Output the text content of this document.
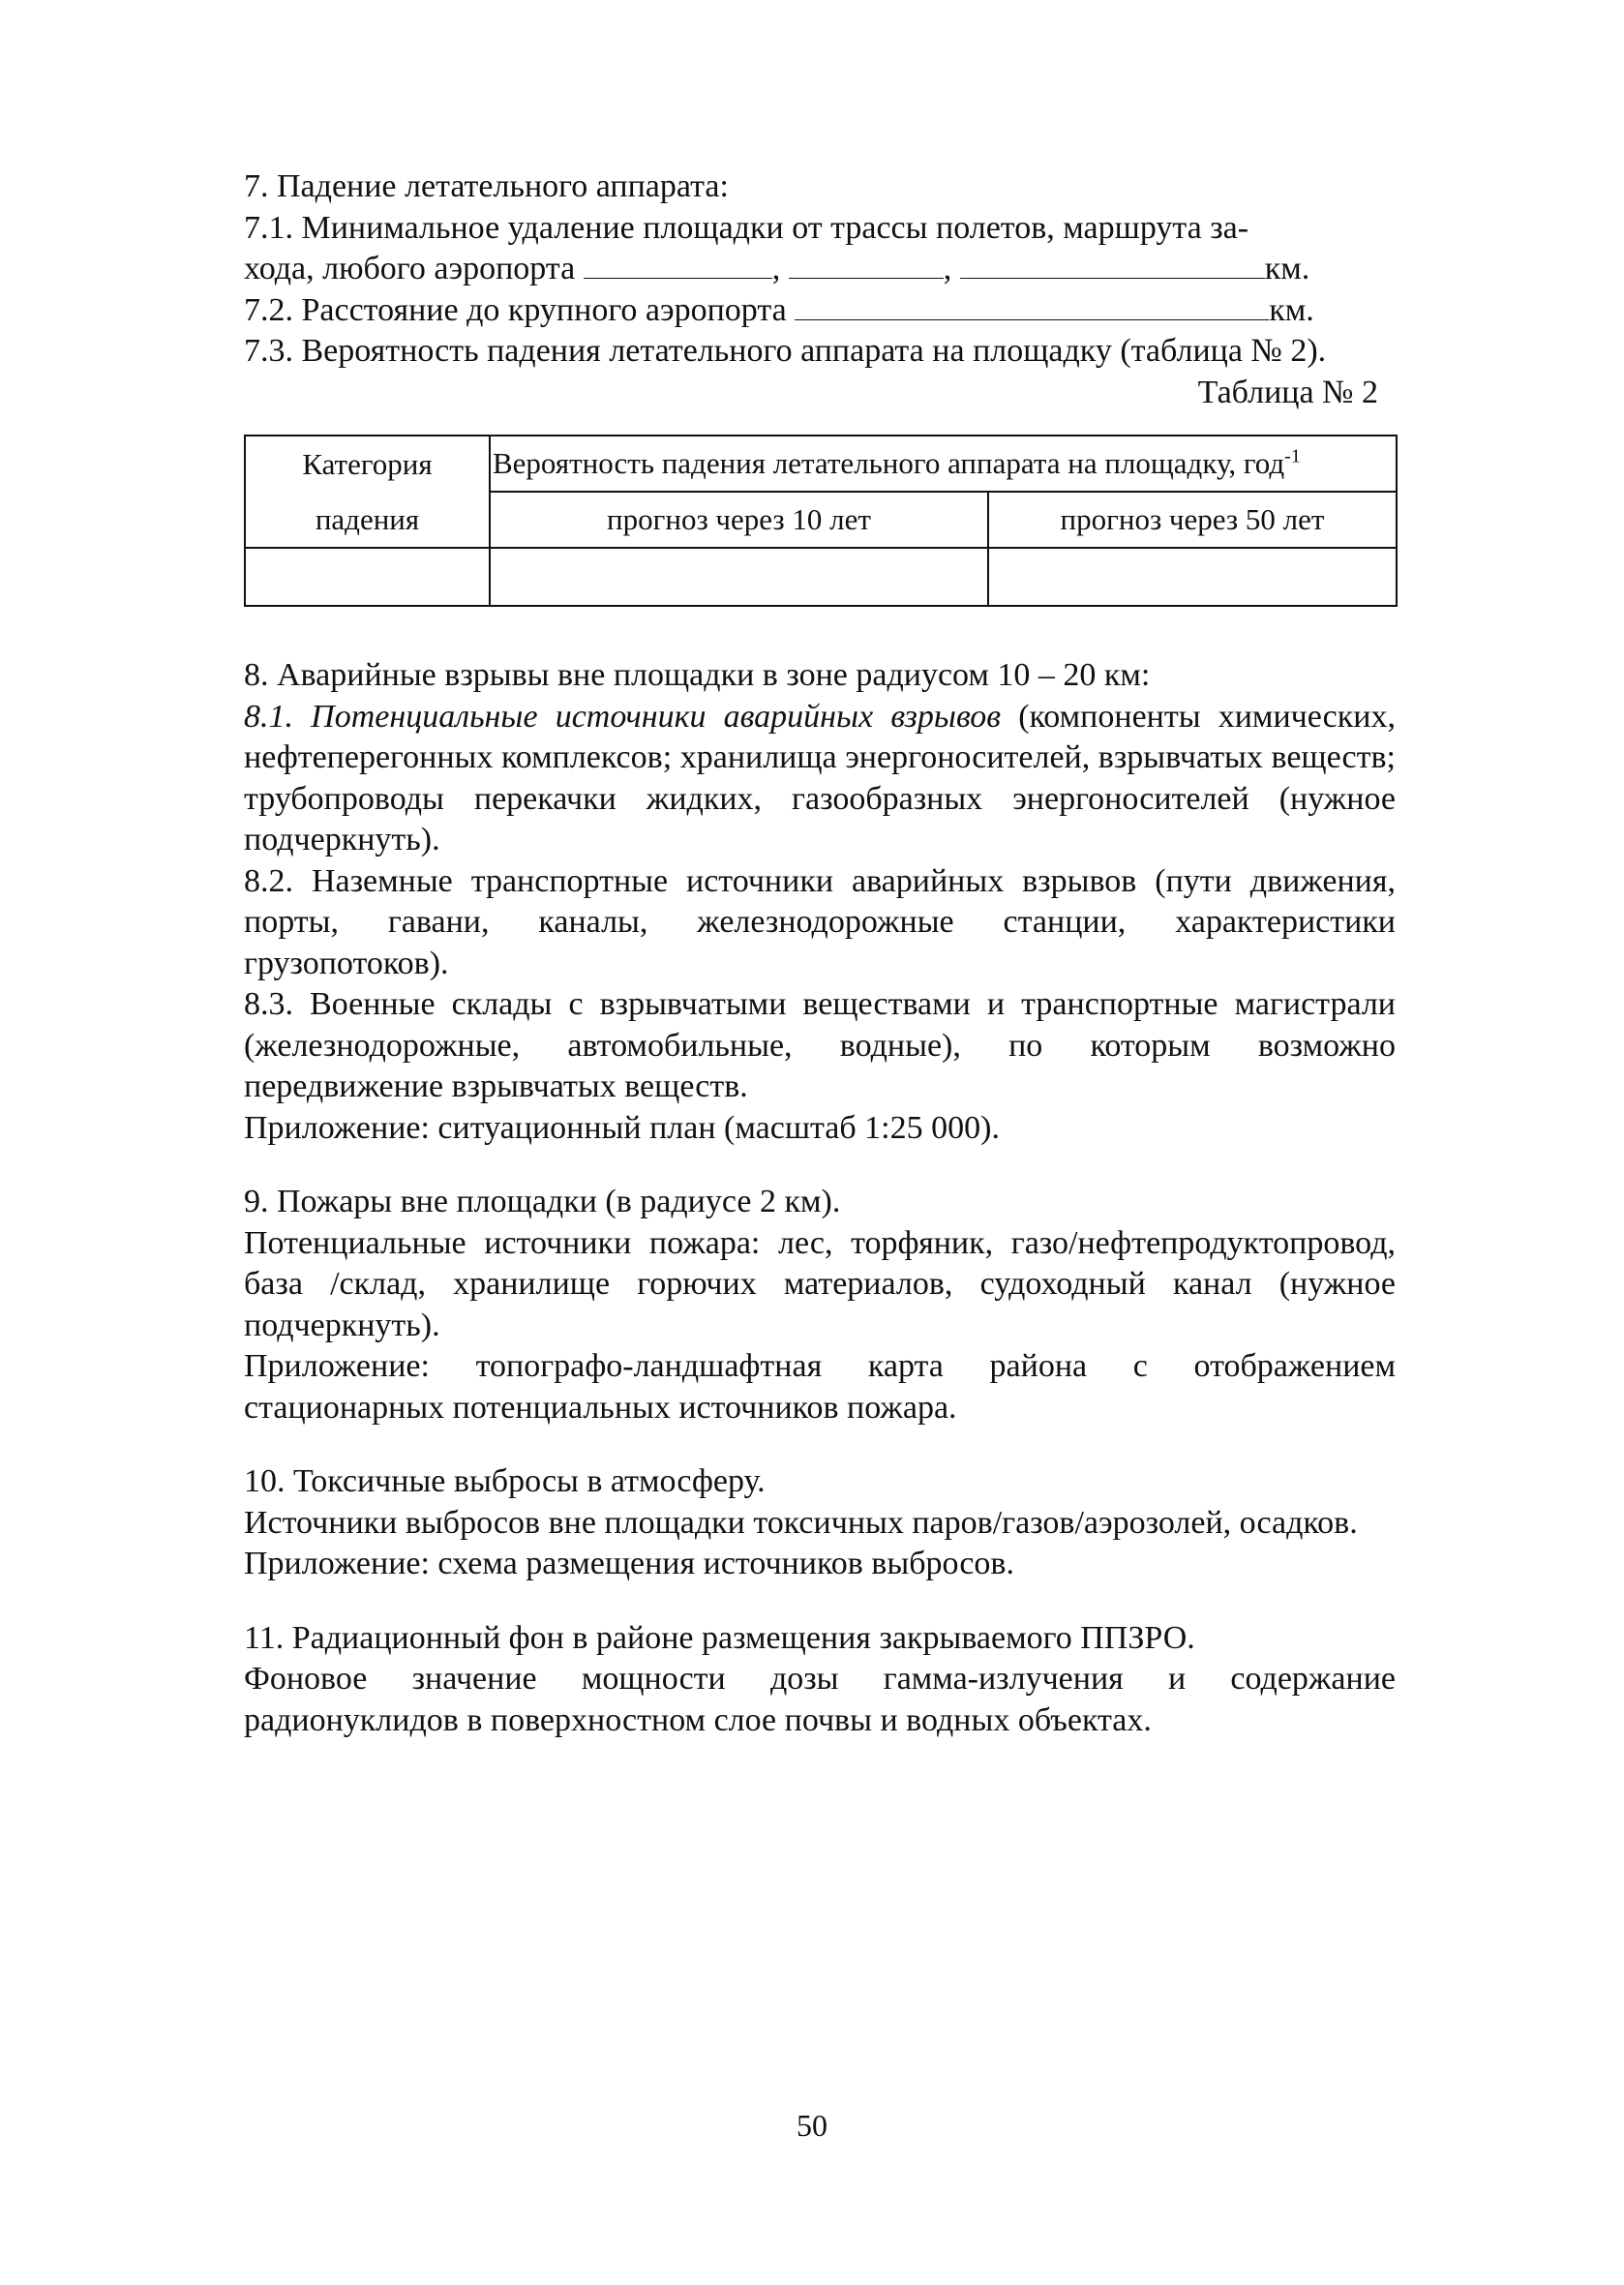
7. Падение летательного аппарата:

7.1. Минимальное удаление площадки от трассы полетов, маршрута за-

хода, любого аэропорта	,	,	км.

7.2. Расстояние до крупного аэропорта	км.

7.3. Вероятность падения летательного аппарата на площадку (таблица № 2).

Таблица № 2

Категория	Вероятность падения летательного аппарата на площадку, год$^{-1}$
падения	прогноз через 10 лет	прогноз через 50 лет

8. Аварийные взрывы вне площадки в зоне радиусом 10 – 20 км:

8.1. Потенциальные источники аварийных взрывов (компоненты химических, нефтеперегонных комплексов; хранилища энергоносителей, взрывчатых веществ; трубопроводы перекачки жидких, газообразных энергоносителей (нужное подчеркнуть).

8.2. Наземные транспортные источники аварийных взрывов (пути движения, порты, гавани, каналы, железнодорожные станции, характеристики грузопотоков).

8.3. Военные склады с взрывчатыми веществами и транспортные магистрали (железнодорожные, автомобильные, водные), по которым возможно передвижение взрывчатых веществ.

Приложение: ситуационный план (масштаб 1:25 000).

9. Пожары вне площадки (в радиусе 2 км).

Потенциальные источники пожара: лес, торфяник, газо/нефтепродуктопровод, база /склад, хранилище горючих материалов, судоходный канал (нужное подчеркнуть).

Приложение: топографо-ландшафтная карта района с отображением стационарных потенциальных источников пожара.

10. Токсичные выбросы в атмосферу.

Источники выбросов вне площадки токсичных паров/газов/аэрозолей, осадков.

Приложение: схема размещения источников выбросов.

11. Радиационный фон в районе размещения закрываемого ППЗРО.

Фоновое значение мощности дозы гамма-излучения и содержание радионуклидов в поверхностном слое почвы и водных объектах.

50
